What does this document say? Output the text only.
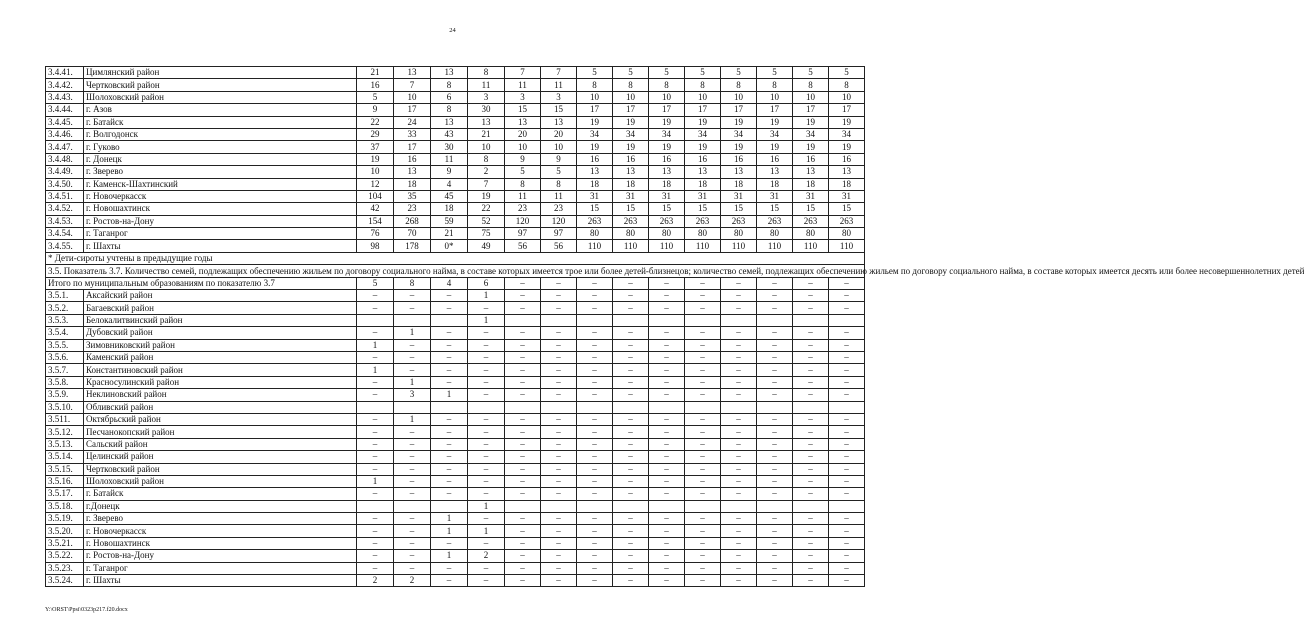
24
3.4.41.	Цимлянский район	21	13	13	8	7	7	5	5	5	5	5	5	5	5
3.4.42.	Чертковский район	16	7	8	11	11	11	8	8	8	8	8	8	8	8
3.4.43.	Шолоховский район	5	10	6	3	3	3	10	10	10	10	10	10	10	10
3.4.44.	г. Азов	9	17	8	30	15	15	17	17	17	17	17	17	17	17
3.4.45.	г. Батайск	22	24	13	13	13	13	19	19	19	19	19	19	19	19
3.4.46.	г. Волгодонск	29	33	43	21	20	20	34	34	34	34	34	34	34	34
3.4.47.	г. Гуково	37	17	30	10	10	10	19	19	19	19	19	19	19	19
3.4.48.	г. Донецк	19	16	11	8	9	9	16	16	16	16	16	16	16	16
3.4.49.	г. Зверево	10	13	9	2	5	5	13	13	13	13	13	13	13	13
3.4.50.	г. Каменск-Шахтинский	12	18	4	7	8	8	18	18	18	18	18	18	18	18
3.4.51.	г. Новочеркасск	104	35	45	19	11	11	31	31	31	31	31	31	31	31
3.4.52.	г. Новошахтинск	42	23	18	22	23	23	15	15	15	15	15	15	15	15
3.4.53.	г. Ростов-на-Дону	154	268	59	52	120	120	263	263	263	263	263	263	263	263
3.4.54.	г. Таганрог	76	70	21	75	97	97	80	80	80	80	80	80	80	80
3.4.55.	г. Шахты	98	178	0*	49	56	56	110	110	110	110	110	110	110	110
* Дети-сироты учтены в предыдущие годы															
3.5. Показатель 3.7. Количество семей, подлежащих обеспечению жильем по договору социального найма, в составе которых имеется трое или более детей-близнецов; количество семей, подлежащих обеспечению жильем по договору социального найма, в составе которых имеется десять или более несовершеннолетних детей															
Итого по муниципальным образованиям по показателю 3.7		5	8	4	6	–	–	–	–	–	–	–	–	–	–
3.5.1.	Аксайский район	–	–	–	1	–	–	–	–	–	–	–	–	–	–
3.5.2.	Багаевский район	–	–	–	–	–	–	–	–	–	–	–	–	–	–
3.5.3.	Белокалитвинский район				1										
3.5.4.	Дубовский район	–	1	–	–	–	–	–	–	–	–	–	–	–	–
3.5.5.	Зимовниковский район	1	–	–	–	–	–	–	–	–	–	–	–	–	–
3.5.6.	Каменский район	–	–	–	–	–	–	–	–	–	–	–	–	–	–
3.5.7.	Константиновский район	1	–	–	–	–	–	–	–	–	–	–	–	–	–
3.5.8.	Красносулинский район	–	1	–	–	–	–	–	–	–	–	–	–	–	–
3.5.9.	Неклиновский район	–	3	1	–	–	–	–	–	–	–	–	–	–	–
3.5.10.	Обливский район														
3.511.	Октябрьский район	–	1	–	–	–	–	–	–	–	–	–	–	–	–
3.5.12.	Песчанокопский район	–	–	–	–	–	–	–	–	–	–	–	–	–	–
3.5.13.	Сальский район	–	–	–	–	–	–	–	–	–	–	–	–	–	–
3.5.14.	Целинский район	–	–	–	–	–	–	–	–	–	–	–	–	–	–
3.5.15.	Чертковский район	–	–	–	–	–	–	–	–	–	–	–	–	–	–
3.5.16.	Шолоховский район	1	–	–	–	–	–	–	–	–	–	–	–	–	–
3.5.17.	г. Батайск	–	–	–	–	–	–	–	–	–	–	–	–	–	–
3.5.18.	г.Донецк				1										
3.5.19.	г. Зверево	–	–	1	–	–	–	–	–	–	–	–	–	–	–
3.5.20.	г. Новочеркасск	–	–	1	1	–	–	–	–	–	–	–	–	–	–
3.5.21.	г. Новошахтинск	–	–	–	–	–	–	–	–	–	–	–	–	–	–
3.5.22.	г. Ростов-на-Дону	–	–	1	2	–	–	–	–	–	–	–	–	–	–
3.5.23.	г. Таганрог	–	–	–	–	–	–	–	–	–	–	–	–	–	–
3.5.24.	г. Шахты	2	2	–	–	–	–	–	–	–	–	–	–	–	–
Y:\ORST\Ppsi\0323p217.f20.docx
